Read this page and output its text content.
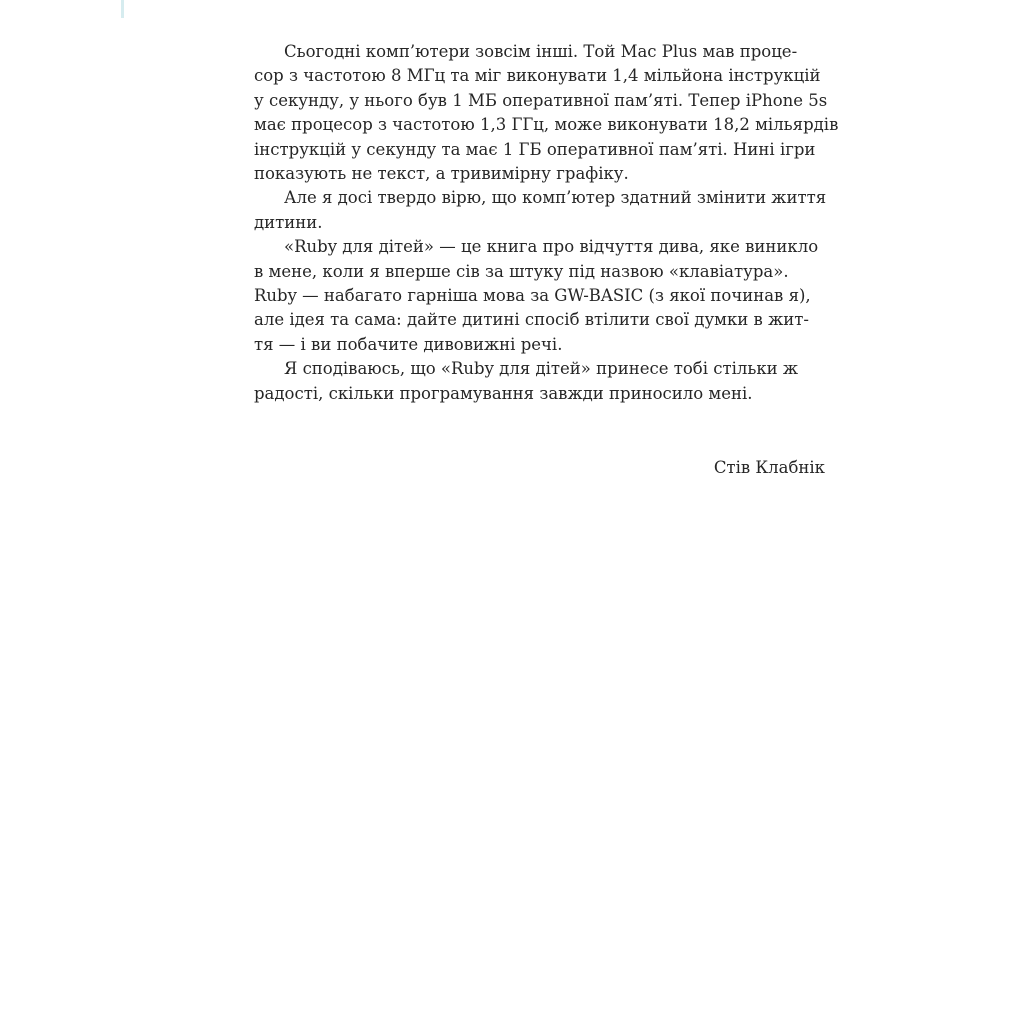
Сьогодні комп’ютери зовсім інші. Той Mac Plus мав проце-
сор з частотою 8 МГц та міг виконувати 1,4 мільйона інструкцій
у секунду, у нього був 1 МБ оперативної пам’яті. Тепер iPhone 5s
має процесор з частотою 1,3 ГГц, може виконувати 18,2 мільярдів
інструкцій у секунду та має 1 ГБ оперативної пам’яті. Нині ігри
показують не текст, а тривимірну графіку.
Але я досі твердо вірю, що комп’ютер здатний змінити життя
дитини.
«Ruby для дітей» — це книга про відчуття дива, яке виникло
в мене, коли я вперше сів за штуку під назвою «клавіатура».
Ruby — набагато гарніша мова за GW-BASIC (з якої починав я),
але ідея та сама: дайте дитині спосіб втілити свої думки в жит-
тя — і ви побачите дивовижні речі.
Я сподіваюсь, що «Ruby для дітей» принесе тобі стільки ж
радості, скільки програмування завжди приносило мені.
Стів Клабнік
